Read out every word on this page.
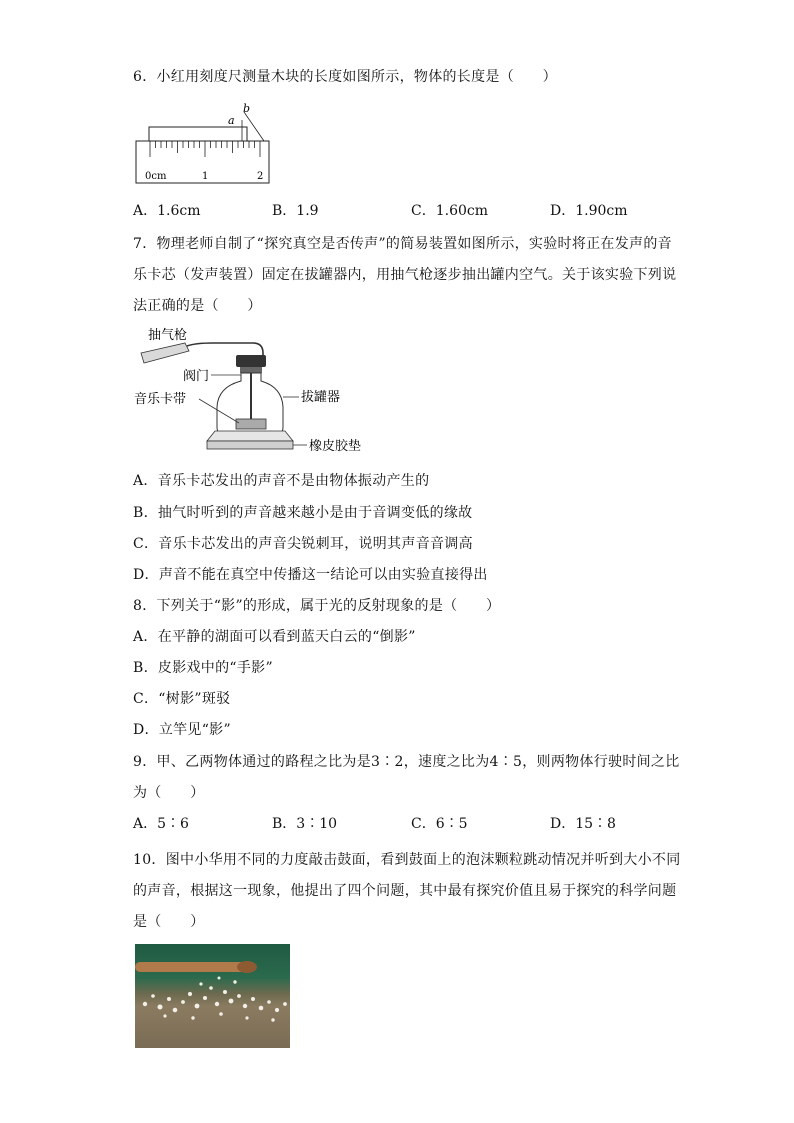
6．小红用刻度尺测量木块的长度如图所示，物体的长度是（　　）
b
a
0cm	1	2
A．1.6cm	B．1.9	C．1.60cm	D．1.90cm
7．物理老师自制了“探究真空是否传声”的简易装置如图所示，实验时将正在发声的音
乐卡芯（发声装置）固定在拔罐器内，用抽气枪逐步抽出罐内空气。关于该实验下列说
法正确的是（　　）
抽气枪
阀门
音乐卡带	拔罐器
橡皮胶垫
A．音乐卡芯发出的声音不是由物体振动产生的
B．抽气时听到的声音越来越小是由于音调变低的缘故
C．音乐卡芯发出的声音尖锐刺耳，说明其声音音调高
D．声音不能在真空中传播这一结论可以由实验直接得出
8．下列关于“影”的形成，属于光的反射现象的是（　　）
A．在平静的湖面可以看到蓝天白云的“倒影”
B．皮影戏中的“手影”
C．“树影”斑驳
D．立竿见“影”
9．甲、乙两物体通过的路程之比为是3∶2，速度之比为4∶5，则两物体行驶时间之比
为（　　）
A．5∶6	B．3∶10	C．6∶5	D．15∶8
10．图中小华用不同的力度敲击鼓面，看到鼓面上的泡沫颗粒跳动情况并听到大小不同
的声音，根据这一现象，他提出了四个问题，其中最有探究价值且易于探究的科学问题
是（　　）
